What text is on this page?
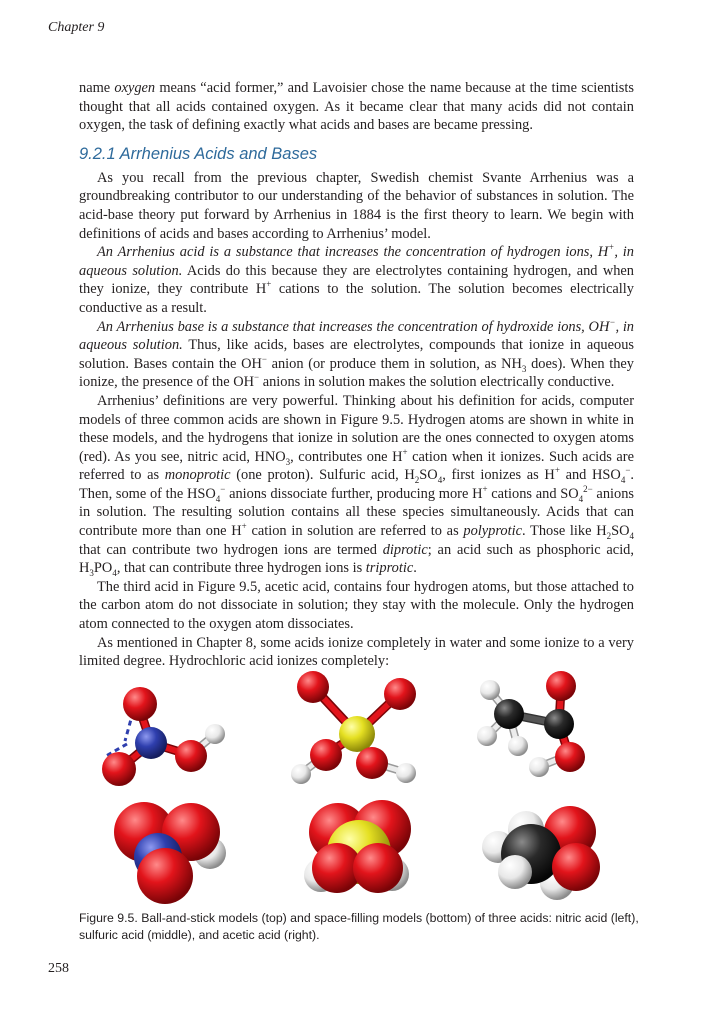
Chapter 9

name oxygen means “acid former,” and Lavoisier chose the name because at the time scientists thought that all acids contained oxygen. As it became clear that many acids did not contain oxygen, the task of defining exactly what acids and bases are became pressing.

9.2.1 Arrhenius Acids and Bases

As you recall from the previous chapter, Swedish chemist Svante Arrhenius was a groundbreaking contributor to our understanding of the behavior of substances in solution. The acid-base theory put forward by Arrhenius in 1884 is the first theory to learn. We begin with definitions of acids and bases according to Arrhenius’ model.

An Arrhenius acid is a substance that increases the concentration of hydrogen ions, H+, in aqueous solution. Acids do this because they are electrolytes containing hydrogen, and when they ionize, they contribute H+ cations to the solution. The solution becomes electrically conductive as a result.

An Arrhenius base is a substance that increases the concentration of hydroxide ions, OH−, in aqueous solution. Thus, like acids, bases are electrolytes, compounds that ionize in aqueous solution. Bases contain the OH− anion (or produce them in solution, as $NH_3$ does). When they ionize, the presence of the OH− anions in solution makes the solution electrically conductive.

Arrhenius’ definitions are very powerful. Thinking about his definition for acids, computer models of three common acids are shown in Figure 9.5. Hydrogen atoms are shown in white in these models, and the hydrogens that ionize in solution are the ones connected to oxygen atoms (red). As you see, nitric acid, $HNO_3$, contributes one H+ cation when it ionizes. Such acids are referred to as monoprotic (one proton). Sulfuric acid, $H_2SO_4$, first ionizes as H+ and $HSO_4^-$. Then, some of the $HSO_4^-$ anions dissociate further, producing more H+ cations and $SO_4^{2-}$ anions in solution. The resulting solution contains all these species simultaneously. Acids that can contribute more than one H+ cation in solution are referred to as polyprotic. Those like $H_2SO_4$ that can contribute two hydrogen ions are termed diprotic; an acid such as phosphoric acid, $H_3PO_4$, that can contribute three hydrogen ions is triprotic.

The third acid in Figure 9.5, acetic acid, contains four hydrogen atoms, but those attached to the carbon atom do not dissociate in solution; they stay with the molecule. Only the hydrogen atom connected to the oxygen atom dissociates.

As mentioned in Chapter 8, some acids ionize completely in water and some ionize to a very limited degree. Hydrochloric acid ionizes completely:

Figure 9.5. Ball-and-stick models (top) and space-filling models (bottom) of three acids: nitric acid (left), sulfuric acid (middle), and acetic acid (right).
258
